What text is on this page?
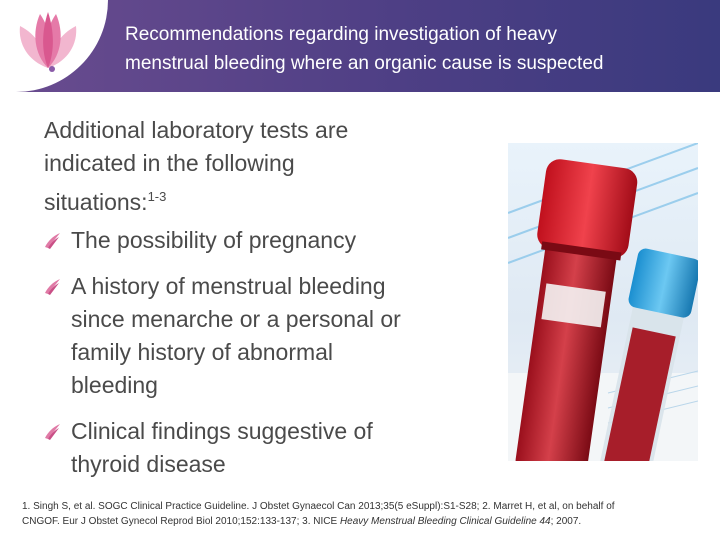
Recommendations regarding investigation of heavy
menstrual bleeding where an organic cause is suspected
Additional laboratory tests are
indicated in the following
situations:$^{1-3}$
The possibility of pregnancy
A history of menstrual bleeding
since menarche or a personal or
family history of abnormal
bleeding
Clinical findings suggestive of
thyroid disease
1. Singh S, et al. SOGC Clinical Practice Guideline. J Obstet Gynaecol Can 2013;35(5 eSuppl):S1-S28; 2. Marret H, et al, on behalf of
CNGOF. Eur J Obstet Gynecol Reprod Biol 2010;152:133-137; 3. NICE Heavy Menstrual Bleeding Clinical Guideline 44; 2007.
